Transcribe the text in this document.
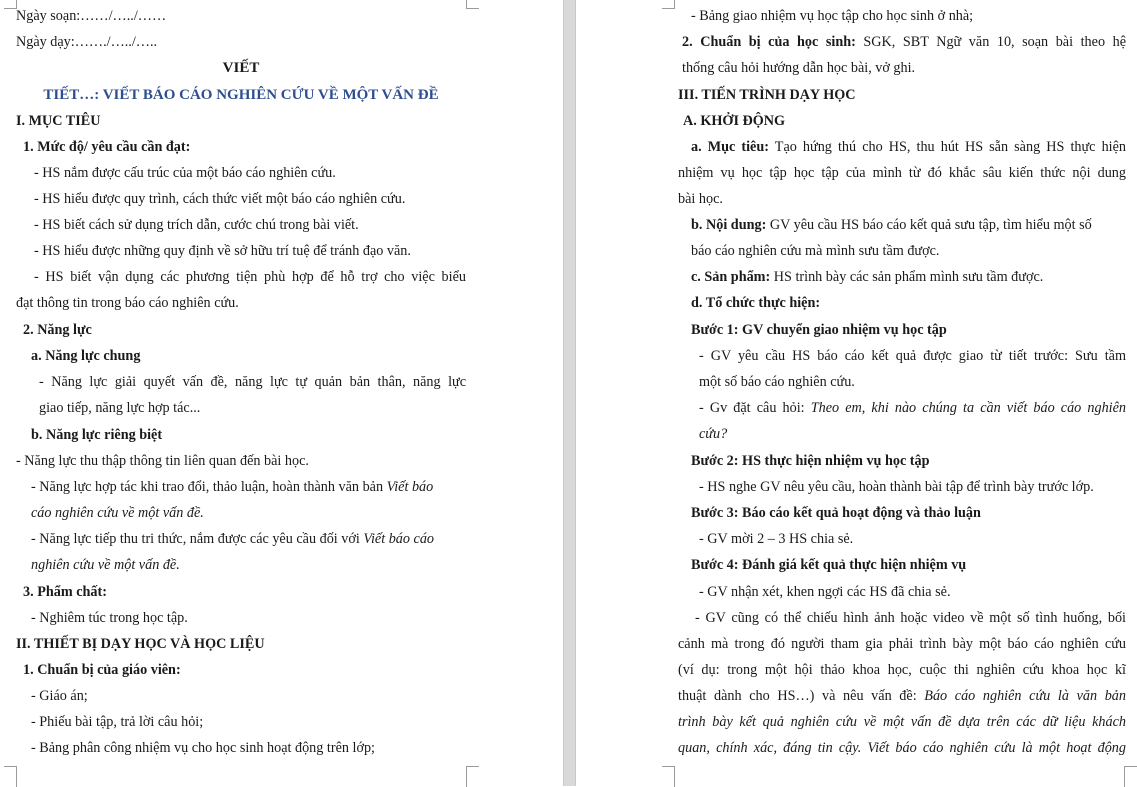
Ngày soạn:……/…../……
Ngày dạy:……./…../…..
VIẾT
TIẾT…: VIẾT BÁO CÁO NGHIÊN CỨU VỀ MỘT VẤN ĐỀ
I. MỤC TIÊU
1. Mức độ/ yêu cầu cần đạt:
- HS nắm được cấu trúc của một báo cáo nghiên cứu.
- HS hiểu được quy trình, cách thức viết một báo cáo nghiên cứu.
- HS biết cách sử dụng trích dẫn, cước chú trong bài viết.
- HS hiểu được những quy định về sở hữu trí tuệ để tránh đạo văn.
- HS biết vận dụng các phương tiện phù hợp để hỗ trợ cho việc biểu
đạt thông tin trong báo cáo nghiên cứu.
2. Năng lực
a. Năng lực chung
- Năng lực giải quyết vấn đề, năng lực tự quản bản thân, năng lực
giao tiếp, năng lực hợp tác...
b. Năng lực riêng biệt
- Năng lực thu thập thông tin liên quan đến bài học.
- Năng lực hợp tác khi trao đổi, thảo luận, hoàn thành văn bản Viết báo
cáo nghiên cứu về một vấn đề.
- Năng lực tiếp thu tri thức, nắm được các yêu cầu đối với Viết báo cáo
nghiên cứu về một vấn đề.
3. Phẩm chất:
- Nghiêm túc trong học tập.
II. THIẾT BỊ DẠY HỌC VÀ HỌC LIỆU
1. Chuẩn bị của giáo viên:
- Giáo án;
- Phiếu bài tập, trả lời câu hỏi;
- Bảng phân công nhiệm vụ cho học sinh hoạt động trên lớp;
- Bảng giao nhiệm vụ học tập cho học sinh ở nhà;
2. Chuẩn bị của học sinh: SGK, SBT Ngữ văn 10, soạn bài theo hệ
thống câu hỏi hướng dẫn học bài, vở ghi.
III. TIẾN TRÌNH DẠY HỌC
A. KHỞI ĐỘNG
a. Mục tiêu: Tạo hứng thú cho HS, thu hút HS sẵn sàng HS thực hiện
nhiệm vụ học tập học tập của mình từ đó khắc sâu kiến thức nội dung
bài học.
b. Nội dung: GV yêu cầu HS báo cáo kết quả sưu tập, tìm hiểu một số
báo cáo nghiên cứu mà mình sưu tầm được.
c. Sản phẩm: HS trình bày các sản phẩm mình sưu tầm được.
d. Tổ chức thực hiện:
Bước 1: GV chuyển giao nhiệm vụ học tập
- GV yêu cầu HS báo cáo kết quả được giao từ tiết trước: Sưu tầm
một số báo cáo nghiên cứu.
- Gv đặt câu hỏi: Theo em, khi nào chúng ta cần viết báo cáo nghiên
cứu?
Bước 2: HS thực hiện nhiệm vụ học tập
- HS nghe GV nêu yêu cầu, hoàn thành bài tập để trình bày trước lớp.
Bước 3: Báo cáo kết quả hoạt động và thảo luận
- GV mời 2 – 3 HS chia sẻ.
Bước 4: Đánh giá kết quả thực hiện nhiệm vụ
- GV nhận xét, khen ngợi các HS đã chia sẻ.
- GV cũng có thể chiếu hình ảnh hoặc video về một số tình huống, bối
cảnh mà trong đó người tham gia phải trình bày một báo cáo nghiên cứu
(ví dụ: trong một hội thảo khoa học, cuộc thi nghiên cứu khoa học kĩ
thuật dành cho HS…) và nêu vấn đề: Báo cáo nghiên cứu là văn bản
trình bày kết quả nghiên cứu về một vấn đề dựa trên các dữ liệu khách
quan, chính xác, đáng tin cậy. Viết báo cáo nghiên cứu là một hoạt động
